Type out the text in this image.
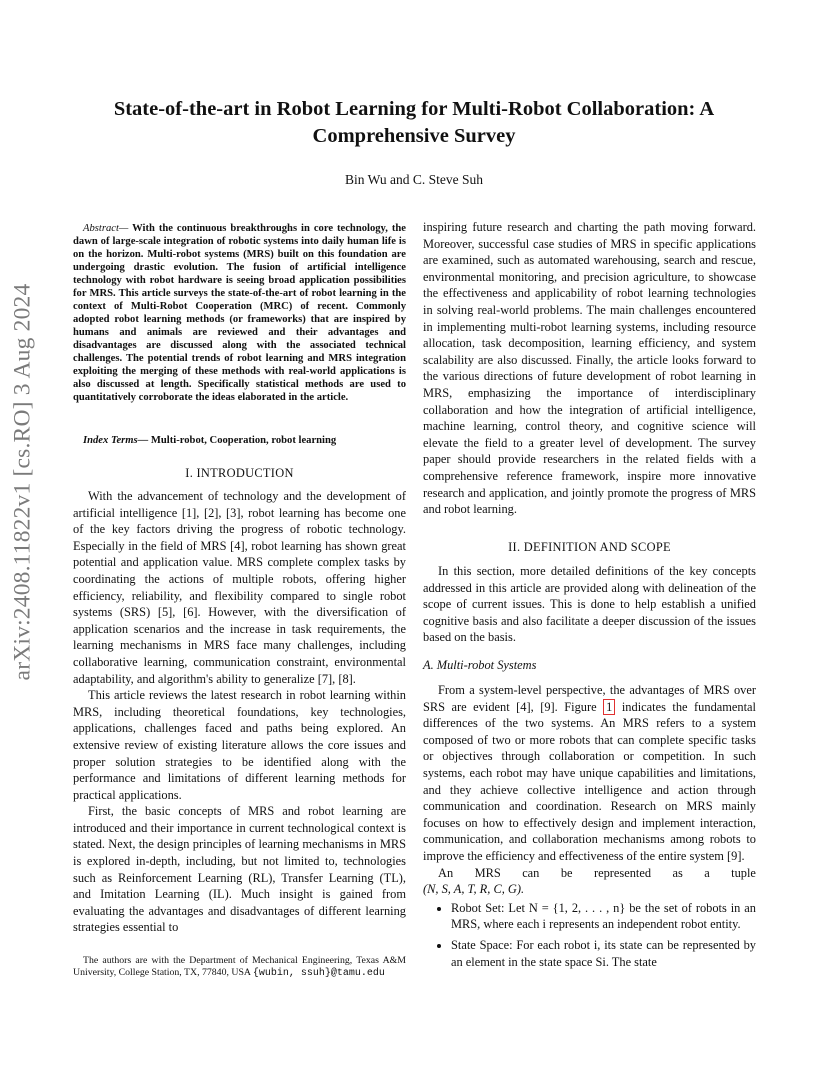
arXiv:2408.11822v1 [cs.RO] 3 Aug 2024
State-of-the-art in Robot Learning for Multi-Robot Collaboration: A Comprehensive Survey
Bin Wu and C. Steve Suh

Abstract— With the continuous breakthroughs in core technology, the dawn of large-scale integration of robotic systems into daily human life is on the horizon. Multi-robot systems (MRS) built on this foundation are undergoing drastic evolution. The fusion of artificial intelligence technology with robot hardware is seeing broad application possibilities for MRS. This article surveys the state-of-the-art of robot learning in the context of Multi-Robot Cooperation (MRC) of recent. Commonly adopted robot learning methods (or frameworks) that are inspired by humans and animals are reviewed and their advantages and disadvantages are discussed along with the associated technical challenges. The potential trends of robot learning and MRS integration exploiting the merging of these methods with real-world applications is also discussed at length. Specifically statistical methods are used to quantitatively corroborate the ideas elaborated in the article.

Index Terms— Multi-robot, Cooperation, robot learning
I. INTRODUCTION

With the advancement of technology and the development of artificial intelligence [1], [2], [3], robot learning has become one of the key factors driving the progress of robotic technology. Especially in the field of MRS [4], robot learning has shown great potential and application value. MRS complete complex tasks by coordinating the actions of multiple robots, offering higher efficiency, reliability, and flexibility compared to single robot systems (SRS) [5], [6]. However, with the diversification of application scenarios and the increase in task requirements, the learning mechanisms in MRS face many challenges, including collaborative learning, communication constraint, environmental adaptability, and algorithm's ability to generalize [7], [8].

This article reviews the latest research in robot learning within MRS, including theoretical foundations, key technologies, applications, challenges faced and paths being explored. An extensive review of existing literature allows the core issues and proper solution strategies to be identified along with the performance and limitations of different learning methods for practical applications.

First, the basic concepts of MRS and robot learning are introduced and their importance in current technological context is stated. Next, the design principles of learning mechanisms in MRS is explored in-depth, including, but not limited to, technologies such as Reinforcement Learning (RL), Transfer Learning (TL), and Imitation Learning (IL). Much insight is gained from evaluating the advantages and disadvantages of different learning strategies essential to

The authors are with the Department of Mechanical Engineering, Texas A&M University, College Station, TX, 77840, USA {wubin, ssuh}@tamu.edu

inspiring future research and charting the path moving forward. Moreover, successful case studies of MRS in specific applications are examined, such as automated warehousing, search and rescue, environmental monitoring, and precision agriculture, to showcase the effectiveness and applicability of robot learning technologies in solving real-world problems. The main challenges encountered in implementing multi-robot learning systems, including resource allocation, task decomposition, learning efficiency, and system scalability are also discussed. Finally, the article looks forward to the various directions of future development of robot learning in MRS, emphasizing the importance of interdisciplinary collaboration and how the integration of artificial intelligence, machine learning, control theory, and cognitive science will elevate the field to a greater level of development. The survey paper should provide researchers in the related fields with a comprehensive reference framework, inspire more innovative research and application, and jointly promote the progress of MRS and robot learning.

II. DEFINITION AND SCOPE

In this section, more detailed definitions of the key concepts addressed in this article are provided along with delineation of the scope of current issues. This is done to help establish a unified cognitive basis and also facilitate a deeper discussion of the issues based on the basis.

A. Multi-robot Systems

From a system-level perspective, the advantages of MRS over SRS are evident [4], [9]. Figure 1 indicates the fundamental differences of the two systems. An MRS refers to a system composed of two or more robots that can complete specific tasks or objectives through collaboration or competition. In such systems, each robot may have unique capabilities and limitations, and they achieve collective intelligence and action through communication and coordination. Research on MRS mainly focuses on how to effectively design and implement interaction, communication, and collaboration mechanisms among robots to improve the efficiency and effectiveness of the entire system [9].

An MRS can be represented as a tuple
(N, S, A, T, R, C, G).
• Robot Set: Let N = {1, 2, . . . , n} be the set of robots in an MRS, where each i represents an independent robot entity.
• State Space: For each robot i, its state can be represented by an element in the state space Si. The state
